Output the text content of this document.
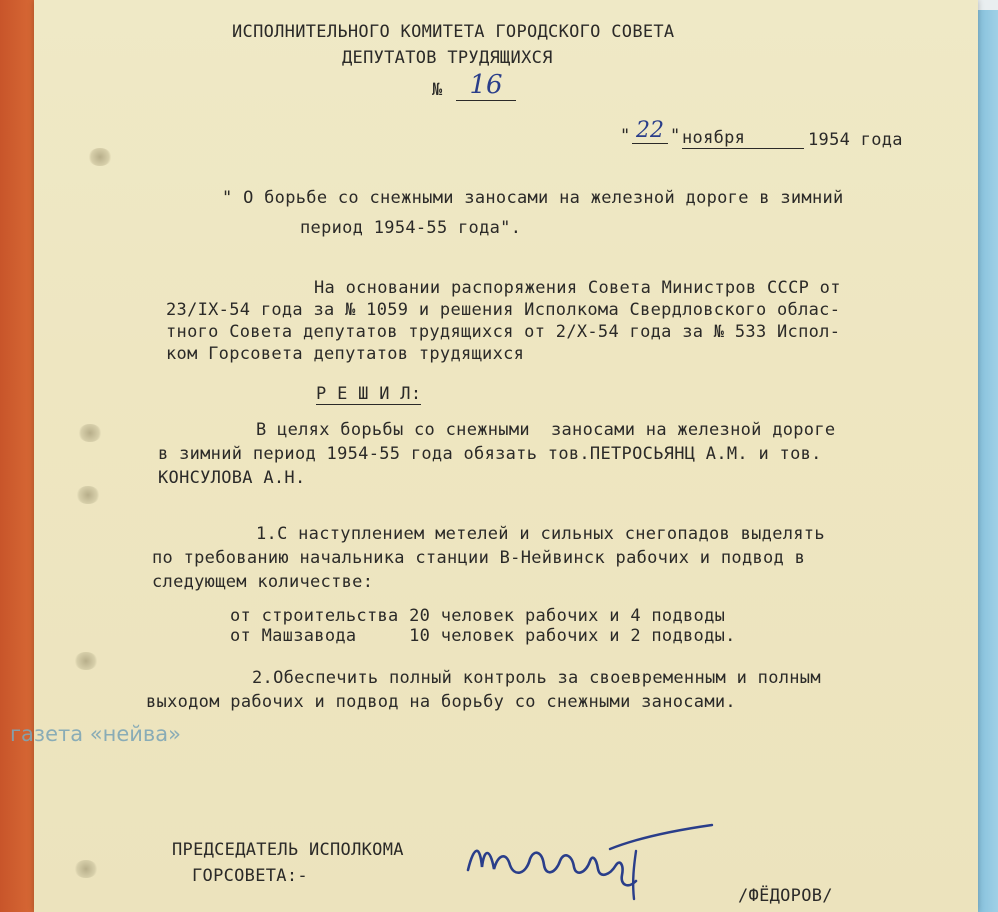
ИСПОЛНИТЕЛЬНОГО КОМИТЕТА ГОРОДСКОГО СОВЕТА
ДЕПУТАТОВ ТРУДЯЩИХСЯ
№	16
" 22 " ноября	1954 года
" О борьбе со снежными заносами на железной дороге в зимний
период 1954-55 года".
На основании распоряжения Совета Министров СССР от
23/IX-54 года за № 1059 и решения Исполкома Свердловского облас-
тного Совета депутатов трудящихся от 2/X-54 года за № 533 Испол-
ком Горсовета депутатов трудящихся
Р Е Ш И Л:
В целях борьбы со снежными  заносами на железной дороге
в зимний период 1954-55 года обязать тов.ПЕТРОСЬЯНЦ А.М. и тов.
КОНСУЛОВА А.Н.
1.С наступлением метелей и сильных снегопадов выделять
по требованию начальника станции В-Нейвинск рабочих и подвод в
следующем количестве:
от строительства 20 человек рабочих и 4 подводы
от Машзавода     10 человек рабочих и 2 подводы.
2.Обеспечить полный контроль за своевременным и полным
выходом рабочих и подвод на борьбу со снежными заносами.
ПРЕДСЕДАТЕЛЬ ИСПОЛКОМА
ГОРСОВЕТА:-
/ФЁДОРОВ/
газета «нейва»
